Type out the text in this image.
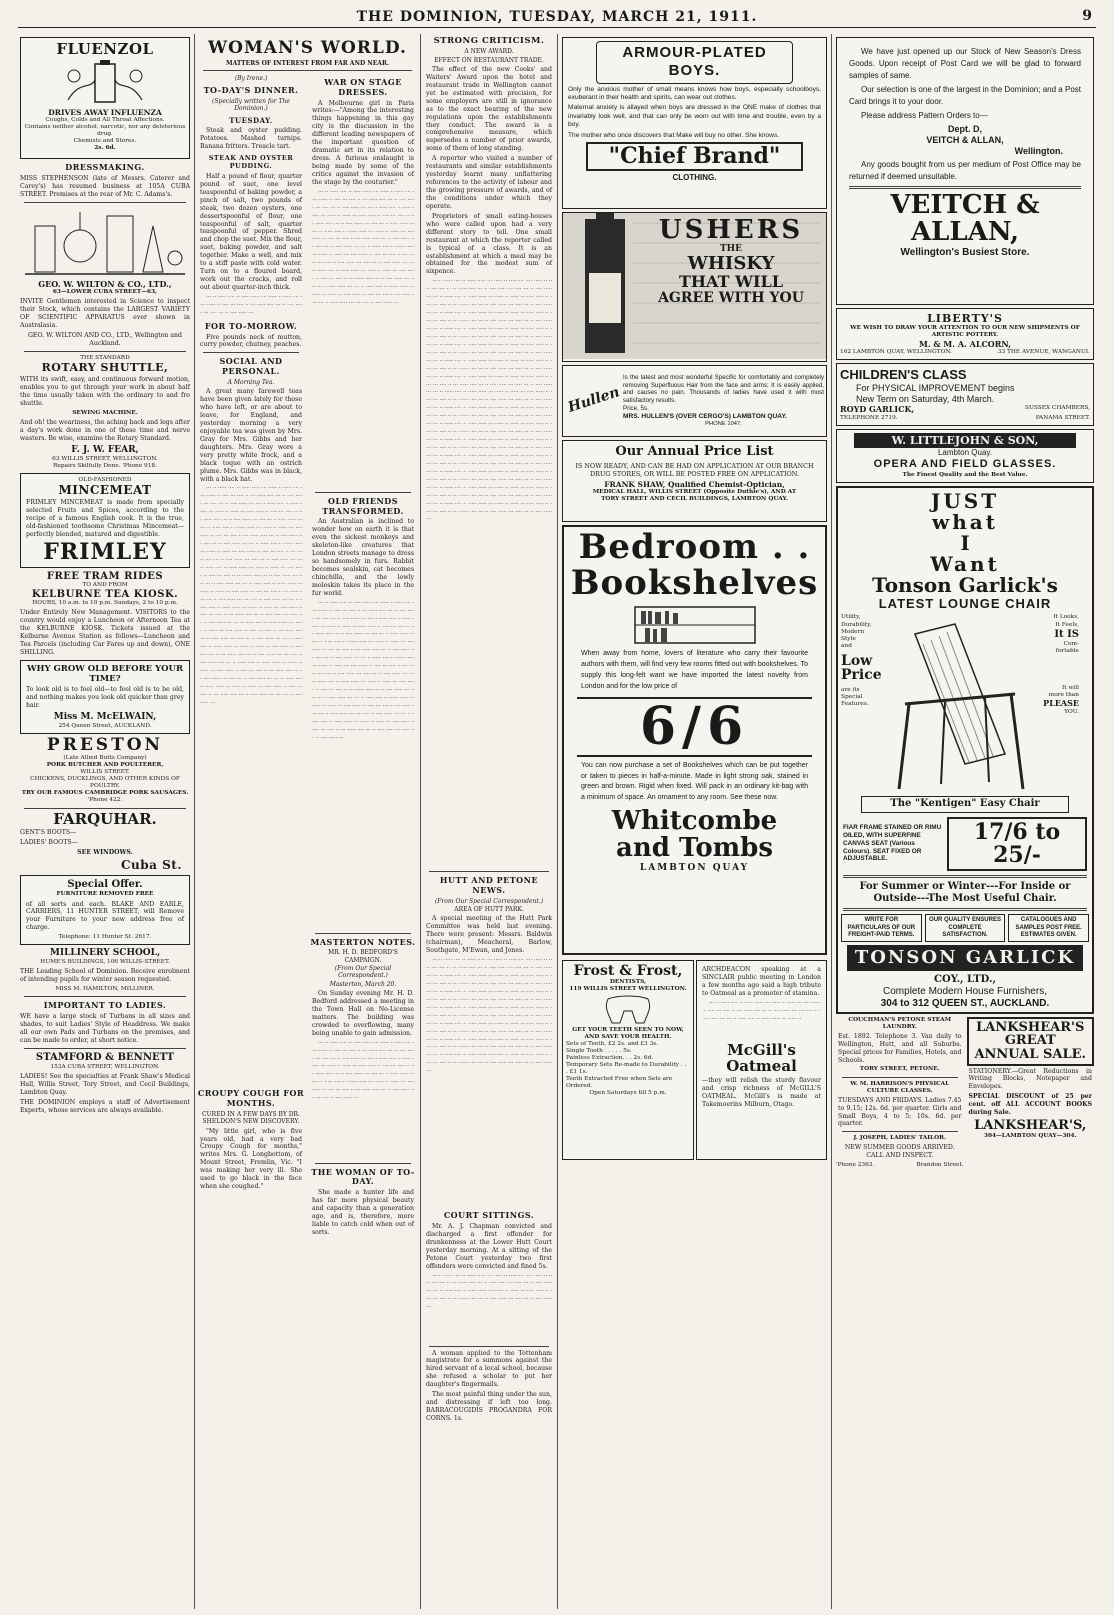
THE DOMINION, TUESDAY, MARCH 21, 1911.	9
FLUENZOL
DRIVES AWAY INFLUENZA
Coughs, Colds and All Throat Affections.
Contains neither alcohol, narcotic, nor any deleterious drug.
Chemists and Stores.
2s. 6d.
DRESSMAKING.
MISS STEPHENSON (late of Messrs. Caterer and Carey's) has resumed business at 105A CUBA STREET. Premises at the rear of Mr. C. Adams's.
GEO. W. WILTON & CO., LTD.,
63—LOWER CUBA STREET—63,
INVITE Gentlemen interested in Science to inspect their Stock, which contains the LARGEST VARIETY OF SCIENTIFIC APPARATUS ever shown in Australasia.
GEO. W. WILTON AND CO., LTD., Wellington and Auckland.
THE STANDARD
ROTARY SHUTTLE,
WITH its swift, easy, and continuous forward motion, enables you to get through your work in about half the time usually taken with the ordinary to and fro shuttle.
SEWING MACHINE.
And oh! the weariness, the aching back and legs after a day's work done in one of these time and nerve wasters. Be wise, examine the Rotary Standard.
F. J. W. FEAR,
63 WILLIS STREET, WELLINGTON.
Repairs Skilfully Done. 'Phone 918.
OLD-FASHIONED
MINCEMEAT
FRIMLEY MINCEMEAT is made from specially selected Fruits and Spices, according to the recipe of a famous English cook. It is the true, old-fashioned toothsome Christmas Mincemeat—perfectly blended, matured and digestible.
FRIMLEY
FREE TRAM RIDES
TO AND FROM
KELBURNE TEA KIOSK.
HOURS, 10 a.m. to 10 p.m. Sundays, 2 to 10 p.m.
Under Entirely New Management. VISITORS to the country would enjoy a Luncheon or Afternoon Tea at the KELBURNE KIOSK. Tickets issued at the Kelburne Avenue Station as follows—Luncheon and Tea Parcels (including Car Fares up and down), ONE SHILLING.
WHY GROW OLD BEFORE YOUR TIME?
To look old is to feel old—to feel old is to be old, and nothing makes you look old quicker than grey hair.
Miss M. McELWAIN,
254 Queen Street, AUCKLAND.
PRESTON
(Late Allied Butts Company)
PORK BUTCHER AND POULTERER,
WILLIS STREET.
CHICKENS, DUCKLINGS, AND OTHER KINDS OF POULTRY.
TRY OUR FAMOUS CAMBRIDGE PORK SAUSAGES.
'Phone 422.
FARQUHAR.
GENT'S BOOTS—
LADIES' BOOTS—
SEE WINDOWS.
Cuba St.
Special Offer.
FURNITURE REMOVED FREE
of all sorts and each. BLAKE AND EARLE, CARRIERS, 11 HUNTER STREET, will Remove your Furniture to your new address free of charge.
Telephone: 11 Hunter St. 2617.
MILLINERY SCHOOL,
HUME'S BUILDINGS, 106 WILLIS-STREET.
THE Leading School of Dominion. Receive enrolment of intending pupils for winter season requested.
MISS M. HAMILTON, MILLINER.
IMPORTANT TO LADIES.
WE have a large stock of Turbans in all sizes and shades, to suit Ladies' Style of Headdress. We make all our own Pads and Turbans on the premises, and can be made to order, at short notice.
STAMFORD & BENNETT
153A CUBA STREET, WELLINGTON.
LADIES! See the specialties at Frank Shaw's Medical Hall, Willis Street, Tory Street, and Cecil Buildings, Lambton Quay.
THE DOMINION employs a staff of Advertisement Experts, whose services are always available.
WOMAN'S WORLD.
MATTERS OF INTEREST FROM FAR AND NEAR.
(By Irene.)
TO-DAY'S DINNER.
(Specially written for The Dominion.)
TUESDAY.
Steak and oyster pudding. Potatoes. Mashed turnips. Banana fritters. Treacle tart.
STEAK AND OYSTER PUDDING.
Half a pound of flour, quarter pound of suet, one level teaspoonful of baking powder, a pinch of salt, two pounds of steak, two dozen oysters, one dessertspoonful of flour, one teaspoonful of salt, quarter teaspoonful of pepper. Shred and chop the suet. Mix the flour, suet, baking powder, and salt together. Make a well, and mix to a stiff paste with cold water. Turn on to a floured board, work out the cracks, and roll out about quarter-inch thick.
··· ·· ····· ···· ·· ····· ····· ··· ····· ·· ····· ··· ···· ····· ·· ···· ··· ···· ·· ··· ····· ···· ··· ·· ···· ····· ··· ···· ··· ·· ···· ····· ···
FOR TO-MORROW.
Five pounds neck of mutton, curry powder, chutney, peaches.
SOCIAL AND PERSONAL.
A Morning Tea.
A great many farewell teas have been given lately for those who have left, or are about to leave, for England, and yesterday morning a very enjoyable tea was given by Mrs. Gray for Mrs. Gibbs and her daughters. Mrs. Gray wore a very pretty white frock, and a black toque with an ostrich plume. Mrs. Gibbs was in black, with a black hat.
··· ·· ····· ···· ·· ····· ····· ··· ····· ·· ····· ··· ···· ····· ·· ···· ··· ···· ·· ··· ····· ···· ··· ·· ···· ····· ··· ···· ··· ·· ···· ····· ··· ··· ·· ····· ···· ·· ····· ····· ··· ····· ·· ····· ··· ···· ····· ·· ···· ··· ···· ·· ··· ····· ···· ··· ·· ···· ····· ··· ···· ··· ·· ···· ····· ··· ··· ·· ····· ···· ·· ····· ····· ··· ····· ·· ····· ··· ···· ····· ·· ···· ··· ···· ·· ··· ····· ···· ··· ·· ···· ····· ··· ···· ··· ·· ···· ····· ··· ··· ·· ····· ···· ·· ····· ····· ··· ····· ·· ····· ··· ···· ····· ·· ···· ··· ···· ·· ··· ····· ···· ··· ·· ···· ····· ··· ···· ··· ·· ···· ····· ··· ··· ·· ····· ···· ·· ····· ····· ··· ····· ·· ····· ··· ···· ····· ·· ···· ··· ···· ·· ··· ····· ···· ··· ·· ···· ····· ··· ···· ··· ·· ···· ····· ··· ··· ·· ····· ···· ·· ····· ····· ··· ····· ·· ····· ··· ···· ····· ·· ···· ··· ···· ·· ··· ····· ···· ··· ·· ···· ····· ··· ···· ··· ·· ···· ····· ··· ··· ·· ····· ···· ·· ····· ····· ··· ····· ·· ····· ··· ···· ····· ·· ···· ··· ···· ·· ··· ····· ···· ··· ·· ···· ····· ··· ···· ··· ·· ···· ····· ··· ··· ·· ····· ···· ·· ····· ····· ··· ····· ·· ····· ··· ···· ····· ·· ···· ··· ···· ·· ··· ····· ···· ··· ·· ···· ····· ··· ···· ··· ·· ···· ····· ··· ··· ·· ····· ···· ·· ····· ····· ··· ····· ·· ····· ··· ···· ····· ·· ···· ··· ···· ·· ··· ····· ···· ··· ·· ···· ····· ··· ···· ··· ·· ···· ····· ··· ··· ·· ····· ···· ·· ····· ····· ··· ····· ·· ····· ··· ···· ····· ·· ···· ··· ···· ·· ··· ····· ···· ··· ·· ···· ····· ··· ···· ··· ·· ···· ····· ··· ··· ·· ····· ···· ·· ····· ····· ··· ····· ·· ····· ··· ···· ····· ·· ···· ··· ···· ·· ··· ····· ···· ··· ·· ···· ····· ··· ···· ··· ·· ···· ····· ···
CROUPY COUGH FOR MONTHS.
CURED IN A FEW DAYS BY DR. SHELDON'S NEW DISCOVERY.
"My little girl, who is five years old, had a very bad Croupy Cough for months," writes Mrs. G. Longbottom, of Mount Street, Fremlin, Vic. "I was making her very ill. She used to go black in the face when she coughed."
WAR ON STAGE DRESSES.
A Melbourne girl in Paris writes:—"Among the interesting things happening in this gay city is the discussion in the different leading newspapers of the important question of dramatic art in its relation to dress. A furious onslaught is being made by some of the critics against the invasion of the stage by the couturier."
··· ·· ····· ···· ·· ····· ····· ··· ····· ·· ····· ··· ···· ····· ·· ···· ··· ···· ·· ··· ····· ···· ··· ·· ···· ····· ··· ···· ··· ·· ···· ····· ··· ··· ·· ····· ···· ·· ····· ····· ··· ····· ·· ····· ··· ···· ····· ·· ···· ··· ···· ·· ··· ····· ···· ··· ·· ···· ····· ··· ···· ··· ·· ···· ····· ··· ··· ·· ····· ···· ·· ····· ····· ··· ····· ·· ····· ··· ···· ····· ·· ···· ··· ···· ·· ··· ····· ···· ··· ·· ···· ····· ··· ···· ··· ·· ···· ····· ··· ··· ·· ····· ···· ·· ····· ····· ··· ····· ·· ····· ··· ···· ····· ·· ···· ··· ···· ·· ··· ····· ···· ··· ·· ···· ····· ··· ···· ··· ·· ···· ····· ··· ··· ·· ····· ···· ·· ····· ····· ··· ····· ·· ····· ··· ···· ····· ·· ···· ··· ···· ·· ··· ····· ···· ··· ·· ···· ····· ··· ···· ··· ·· ···· ····· ··· ··· ·· ····· ···· ·· ····· ····· ··· ····· ·· ····· ··· ···· ····· ·· ···· ··· ···· ·· ··· ····· ···· ··· ·· ···· ····· ··· ···· ··· ·· ···· ····· ···
OLD FRIENDS TRANSFORMED.
An Australian is inclined to wonder how on earth it is that even the sickest monkeys and skeleton-like creatures that London streets manage to dress so handsomely in furs. Rabbit becomes sealskin, cat becomes chinchilla, and the lowly moleskin takes its place in the fur world.
··· ·· ····· ···· ·· ····· ····· ··· ····· ·· ····· ··· ···· ····· ·· ···· ··· ···· ·· ··· ····· ···· ··· ·· ···· ····· ··· ···· ··· ·· ···· ····· ··· ··· ·· ····· ···· ·· ····· ····· ··· ····· ·· ····· ··· ···· ····· ·· ···· ··· ···· ·· ··· ····· ···· ··· ·· ···· ····· ··· ···· ··· ·· ···· ····· ··· ··· ·· ····· ···· ·· ····· ····· ··· ····· ·· ····· ··· ···· ····· ·· ···· ··· ···· ·· ··· ····· ···· ··· ·· ···· ····· ··· ···· ··· ·· ···· ····· ··· ··· ·· ····· ···· ·· ····· ····· ··· ····· ·· ····· ··· ···· ····· ·· ···· ··· ···· ·· ··· ····· ···· ··· ·· ···· ····· ··· ···· ··· ·· ···· ····· ··· ··· ·· ····· ···· ·· ····· ····· ··· ····· ·· ····· ··· ···· ····· ·· ···· ··· ···· ·· ··· ····· ···· ··· ·· ···· ····· ··· ···· ··· ·· ···· ····· ··· ··· ·· ····· ···· ·· ····· ····· ··· ····· ·· ····· ··· ···· ····· ·· ···· ··· ···· ·· ··· ····· ···· ··· ·· ···· ····· ··· ···· ··· ·· ···· ····· ··· ··· ·· ····· ···· ·· ····· ····· ··· ····· ·· ····· ··· ···· ····· ·· ···· ··· ···· ·· ··· ····· ···· ··· ·· ···· ····· ··· ···· ··· ·· ···· ····· ···
MASTERTON NOTES.
MR. H. D. BEDFORD'S CAMPAIGN.
(From Our Special Correspondent.)
Masterton, March 20.
On Sunday evening Mr. H. D. Bedford addressed a meeting in the Town Hall on No-License matters. The building was crowded to overflowing, many being unable to gain admission.
··· ·· ····· ···· ·· ····· ····· ··· ····· ·· ····· ··· ···· ····· ·· ···· ··· ···· ·· ··· ····· ···· ··· ·· ···· ····· ··· ···· ··· ·· ···· ····· ··· ··· ·· ····· ···· ·· ····· ····· ··· ····· ·· ····· ··· ···· ····· ·· ···· ··· ···· ·· ··· ····· ···· ··· ·· ···· ····· ··· ···· ··· ·· ···· ····· ··· ··· ·· ····· ···· ·· ····· ····· ··· ····· ·· ····· ··· ···· ····· ·· ···· ··· ···· ·· ··· ····· ···· ··· ·· ···· ····· ··· ···· ··· ·· ···· ····· ···
THE WOMAN OF TO-DAY.
She made a hunter life and has far more physical beauty and capacity than a generation ago, and is, therefore, more liable to catch cold when out of sorts.
STRONG CRITICISM.
A NEW AWARD.
EFFECT ON RESTAURANT TRADE.
The effect of the new Cooks' and Waiters' Award upon the hotel and restaurant trade in Wellington cannot yet be estimated with precision, for some employers are still in ignorance as to the exact bearing of the new regulations upon the establishments they conduct. The award is a comprehensive measure, which supersedes a number of prior awards, some of them of long standing.
A reporter who visited a number of restaurants and similar establishments yesterday learnt many unflattering references to the activity of labour and the growing pressure of awards, and of the conditions under which they operate.
Proprietors of small eating-houses who were called upon had a very different story to tell. One small restaurant at which the reporter called is typical of a class. It is an establishment at which a meal may be obtained for the modest sum of sixpence.
··· ·· ····· ···· ·· ····· ····· ··· ····· ·· ····· ··· ···· ····· ·· ···· ··· ···· ·· ··· ····· ···· ··· ·· ···· ····· ··· ···· ··· ·· ···· ····· ··· ··· ·· ····· ···· ·· ····· ····· ··· ····· ·· ····· ··· ···· ····· ·· ···· ··· ···· ·· ··· ····· ···· ··· ·· ···· ····· ··· ···· ··· ·· ···· ····· ··· ··· ·· ····· ···· ·· ····· ····· ··· ····· ·· ····· ··· ···· ····· ·· ···· ··· ···· ·· ··· ····· ···· ··· ·· ···· ····· ··· ···· ··· ·· ···· ····· ··· ··· ·· ····· ···· ·· ····· ····· ··· ····· ·· ····· ··· ···· ····· ·· ···· ··· ···· ·· ··· ····· ···· ··· ·· ···· ····· ··· ···· ··· ·· ···· ····· ··· ··· ·· ····· ···· ·· ····· ····· ··· ····· ·· ····· ··· ···· ····· ·· ···· ··· ···· ·· ··· ····· ···· ··· ·· ···· ····· ··· ···· ··· ·· ···· ····· ··· ··· ·· ····· ···· ·· ····· ····· ··· ····· ·· ····· ··· ···· ····· ·· ···· ··· ···· ·· ··· ····· ···· ··· ·· ···· ····· ··· ···· ··· ·· ···· ····· ··· ··· ·· ····· ···· ·· ····· ····· ··· ····· ·· ····· ··· ···· ····· ·· ···· ··· ···· ·· ··· ····· ···· ··· ·· ···· ····· ··· ···· ··· ·· ···· ····· ··· ··· ·· ····· ···· ·· ····· ····· ··· ····· ·· ····· ··· ···· ····· ·· ···· ··· ···· ·· ··· ····· ···· ··· ·· ···· ····· ··· ···· ··· ·· ···· ····· ··· ··· ·· ····· ···· ·· ····· ····· ··· ····· ·· ····· ··· ···· ····· ·· ···· ··· ···· ·· ··· ····· ···· ··· ·· ···· ····· ··· ···· ··· ·· ···· ····· ··· ··· ·· ····· ···· ·· ····· ····· ··· ····· ·· ····· ··· ···· ····· ·· ···· ··· ···· ·· ··· ····· ···· ··· ·· ···· ····· ··· ···· ··· ·· ···· ····· ··· ··· ·· ····· ···· ·· ····· ····· ··· ····· ·· ····· ··· ···· ····· ·· ···· ··· ···· ·· ··· ····· ···· ··· ·· ···· ····· ··· ···· ··· ·· ···· ····· ··· ··· ·· ····· ···· ·· ····· ····· ··· ····· ·· ····· ··· ···· ····· ·· ···· ··· ···· ·· ··· ····· ···· ··· ·· ···· ····· ··· ···· ··· ·· ···· ····· ··· ··· ·· ····· ···· ·· ····· ····· ··· ····· ·· ····· ··· ···· ····· ·· ···· ··· ···· ·· ··· ····· ···· ··· ·· ···· ····· ··· ···· ··· ·· ···· ····· ··· ··· ·· ····· ···· ·· ····· ····· ··· ····· ·· ····· ··· ···· ····· ·· ···· ··· ···· ·· ··· ····· ···· ··· ·· ···· ····· ··· ···· ··· ·· ···· ····· ··· ··· ·· ····· ···· ·· ····· ····· ··· ····· ·· ····· ··· ···· ····· ·· ···· ··· ···· ·· ··· ····· ···· ··· ·· ···· ····· ··· ···· ··· ·· ···· ····· ···
HUTT AND PETONE NEWS.
(From Our Special Correspondent.)
AREA OF HUTT PARK.
A special meeting of the Hutt Park Committee was held last evening. There were present: Messrs. Baldwin (chairman), Meacheral, Barlow, Southgate, M'Ewan, and Jones.
··· ·· ····· ···· ·· ····· ····· ··· ····· ·· ····· ··· ···· ····· ·· ···· ··· ···· ·· ··· ····· ···· ··· ·· ···· ····· ··· ···· ··· ·· ···· ····· ··· ··· ·· ····· ···· ·· ····· ····· ··· ····· ·· ····· ··· ···· ····· ·· ···· ··· ···· ·· ··· ····· ···· ··· ·· ···· ····· ··· ···· ··· ·· ···· ····· ··· ··· ·· ····· ···· ·· ····· ····· ··· ····· ·· ····· ··· ···· ····· ·· ···· ··· ···· ·· ··· ····· ···· ··· ·· ···· ····· ··· ···· ··· ·· ···· ····· ··· ··· ·· ····· ···· ·· ····· ····· ··· ····· ·· ····· ··· ···· ····· ·· ···· ··· ···· ·· ··· ····· ···· ··· ·· ···· ····· ··· ···· ··· ·· ···· ····· ··· ··· ·· ····· ···· ·· ····· ····· ··· ····· ·· ····· ··· ···· ····· ·· ···· ··· ···· ·· ··· ····· ···· ··· ·· ···· ····· ··· ···· ··· ·· ···· ····· ··· ··· ·· ····· ···· ·· ····· ····· ··· ····· ·· ····· ··· ···· ····· ·· ···· ··· ···· ·· ··· ····· ···· ··· ·· ···· ····· ··· ···· ··· ·· ···· ····· ··· ··· ·· ····· ···· ·· ····· ····· ··· ····· ·· ····· ··· ···· ····· ·· ···· ··· ···· ·· ··· ····· ···· ··· ·· ···· ····· ··· ···· ··· ·· ···· ····· ···
COURT SITTINGS.
Mr. A. J. Chapman convicted and discharged a first offender for drunkenness at the Lower Hutt Court yesterday morning. At a sitting of the Petone Court yesterday two first offenders were convicted and fined 5s.
··· ·· ····· ···· ·· ····· ····· ··· ····· ·· ····· ··· ···· ····· ·· ···· ··· ···· ·· ··· ····· ···· ··· ·· ···· ····· ··· ···· ··· ·· ···· ····· ··· ··· ·· ····· ···· ·· ····· ····· ··· ····· ·· ····· ··· ···· ····· ·· ···· ··· ···· ·· ··· ····· ···· ··· ·· ···· ····· ··· ···· ··· ·· ···· ····· ···
A woman applied to the Tottenham magistrate for a summons against the hired servant of a local school, because she refused a scholar to put her daughter's fingermails.
The most painful thing under the sun, and distressing if left too long. BARRACOUGIDIS PROGANDRA FOR CORNS. 1s.
ARMOUR-PLATED
BOYS.
Only the anxious mother of small means knows how boys, especially schoolboys, exuberant in their health and spirits, can wear out clothes.
Maternal anxiety is allayed when boys are dressed in the ONE make of clothes that invariably look well, and that can only be worn out with time and trouble, even by a boy.
The mother who once discovers that Make will buy no other. She knows.
"Chief Brand"
CLOTHING.
USHERS
THE
WHISKY
THAT WILL
AGREE WITH YOU
Hullen
Is the latest and most wonderful Specific for comfortably and completely removing Superfluous Hair from the face and arms; It is easily applied, and causes no pain. Thousands of ladies have used it with most satisfactory results.
Price, 5s.
MRS. HULLEN'S (OVER CERGO'S) LAMBTON QUAY.
PHONE 1047.
Our Annual Price List
IS NOW READY, AND CAN BE HAD ON APPLICATION AT OUR BRANCH DRUG STORES, OR WILL BE POSTED FREE ON APPLICATION.
FRANK SHAW, Qualified Chemist-Optician,
MEDICAL HALL, WILLIS STREET (Opposite Duthie's), AND AT
TORY STREET AND CECIL BUILDINGS, LAMBTON QUAY.
Bedroom . .
Bookshelves
When away from home, lovers of literature who carry their favourite authors with them, will find very few rooms fitted out with bookshelves. To supply this long-felt want we have imported the latest novelty from London and for the low price of
6/6
You can now purchase a set of Bookshelves which can be put together or taken to pieces in half-a-minute. Made in light strong oak, stained in green and brown. Rigid when fixed. Will pack in an ordinary kit-bag with a minimum of space. An ornament to any room. See these now.
Whitcombe
and Tombs
LAMBTON QUAY
Frost & Frost,
DENTISTS,
119 WILLIS STREET WELLINGTON.
GET YOUR TEETH SEEN TO NOW, AND SAVE YOUR HEALTH.
Sets of Teeth, £2 2s. and £3 3s.
Single Tooth . . . . . 5s.
Painless Extraction. . . 2s. 6d.
Temporary Sets Re-made to Durability . . . £1 1s.
Teeth Extracted Free when Sets are Ordered.
Open Saturdays till 5 p.m.
ARCHDEACON speaking at a SINCLAIR public meeting in London a few months ago said a high tribute to Oatmeal as a promoter of stamina.
··· ·· ····· ···· ·· ····· ····· ··· ····· ·· ····· ··· ···· ····· ·· ···· ··· ···· ·· ··· ····· ···· ··· ·· ···· ····· ··· ···· ··· ·· ···· ····· ··· ··· ·· ····· ···· ·· ····· ····· ··· ····· ··
McGill's Oatmeal
—they will relish the sturdy flavour and crisp richness of McGILL'S OATMEAL. McGill's is made at Takemoerins Milburn, Otago.
We have just opened up our Stock of New Season's Dress Goods. Upon receipt of Post Card we will be glad to forward samples of same.
Our selection is one of the largest in the Dominion; and a Post Card brings it to your door.
Please address Pattern Orders to—
Dept. D,
VEITCH & ALLAN,
Wellington.
Any goods bought from us per medium of Post Office may be returned if deemed unsuitable.
VEITCH & ALLAN,
Wellington's Busiest Store.
LIBERTY'S
WE WISH TO DRAW YOUR ATTENTION TO OUR NEW SHIPMENTS OF ARTISTIC POTTERY.
M. & M. A. ALCORN,
162 LAMBTON QUAY, WELLINGTON.	33 THE AVENUE, WANGANUI.
CHILDREN'S CLASS
For PHYSICAL IMPROVEMENT begins
New Term on Saturday, 4th March.
ROYD GARLICK,	SUSSEX CHAMBERS,
TELEPHONE 2719.	PANAMA STREET.
W. LITTLEJOHN & SON,
Lambton Quay.
OPERA AND FIELD GLASSES.
The Finest Quality and the Best Value.
JUST
what
I
Want
Tonson Garlick's
LATEST LOUNGE CHAIR
Utility,
Durability,
Modern
Style
and
Low
Price
are its
Special
Features.
It Looks,
It Feels,
It IS
Com-
fortable
It will
more than
PLEASE
YOU.
The "Kentigen" Easy Chair
FIAR FRAME STAINED OR RIMU OILED, WITH SUPERFINE CANVAS SEAT (Various Colours). SEAT FIXED OR ADJUSTABLE.
17/6 to 25/-
For Summer or Winter---For Inside or
Outside---The Most Useful Chair.
WRITE FOR PARTICULARS OF OUR FREIGHT-PAID TERMS.
OUR QUALITY ENSURES COMPLETE SATISFACTION.
CATALOGUES AND SAMPLES POST FREE. ESTIMATES GIVEN.
TONSON GARLICK
COY., LTD.,
Complete Modern House Furnishers,
304 to 312 QUEEN ST., AUCKLAND.
COUCHMAN'S PETONE STEAM LAUNDRY.
Est. 1892. Telephone 3. Van daily to Wellington, Hutt, and all Suburbs. Special prices for Families, Hotels, and Schools.
TORY STREET, PETONE.
W. M. HARRISON'S PHYSICAL CULTURE CLASSES.
TUESDAYS AND FRIDAYS. Ladies 7.45 to 9.15; 12s. 6d. per quarter. Girls and Small Boys, 4 to 5; 10s. 6d. per quarter.
J. JOSEPH, LADIES' TAILOR.
NEW SUMMER GOODS ARRIVED. CALL AND INSPECT.
'Phone 2363.	Brandon Street.
LANKSHEAR'S GREAT
ANNUAL SALE.
STATIONERY.—Great Reductions in Writing Blocks, Notepaper and Envelopes.
SPECIAL DISCOUNT of 25 per cent. off ALL ACCOUNT BOOKS during Sale.
LANKSHEAR'S,
304—LAMBTON QUAY—304.
